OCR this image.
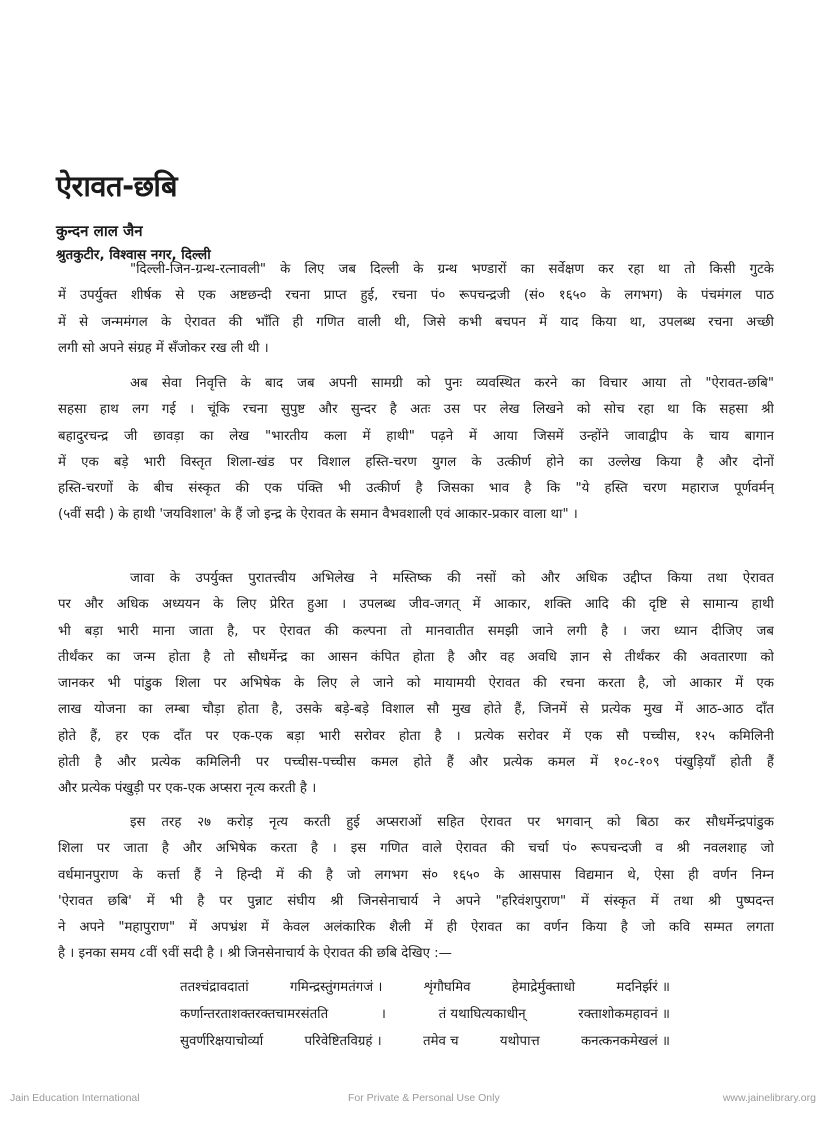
ऐरावत-छबि
कुन्दन लाल जैन
श्रुतकुटीर, विश्वास नगर, दिल्ली
"दिल्ली-जिन-ग्रन्थ-रत्नावली" के लिए जब दिल्ली के ग्रन्थ भण्डारों का सर्वेक्षण कर रहा था तो किसी गुटके
में उपर्युक्त शीर्षक से एक अष्टछन्दी रचना प्राप्त हुई, रचना पं० रूपचन्द्रजी (सं० १६५० के लगभग) के पंचमंगल पाठ
में से जन्ममंगल के ऐरावत की भाँति ही गणित वाली थी, जिसे कभी बचपन में याद किया था, उपलब्ध रचना अच्छी
लगी सो अपने संग्रह में सँजोकर रख ली थी ।
अब सेवा निवृत्ति के बाद जब अपनी सामग्री को पुनः व्यवस्थित करने का विचार आया तो "ऐरावत-छबि"
सहसा हाथ लग गई । चूंकि रचना सुपुष्ट और सुन्दर है अतः उस पर लेख लिखने को सोच रहा था कि सहसा श्री
बहादुरचन्द्र जी छावड़ा का लेख "भारतीय कला में हाथी" पढ़ने में आया जिसमें उन्होंने जावाद्वीप के चाय बागान
में एक बड़े भारी विस्तृत शिला-खंड पर विशाल हस्ति-चरण युगल के उत्कीर्ण होने का उल्लेख किया है और दोनों
हस्ति-चरणों के बीच संस्कृत की एक पंक्ति भी उत्कीर्ण है जिसका भाव है कि "ये हस्ति चरण महाराज पूर्णवर्मन्
(५वीं सदी ) के हाथी 'जयविशाल' के हैं जो इन्द्र के ऐरावत के समान वैभवशाली एवं आकार-प्रकार वाला था" ।
जावा के उपर्युक्त पुरातत्त्वीय अभिलेख ने मस्तिष्क की नसों को और अधिक उद्दीप्त किया तथा ऐरावत
पर और अधिक अध्ययन के लिए प्रेरित हुआ । उपलब्ध जीव-जगत् में आकार, शक्ति आदि की दृष्टि से सामान्य हाथी
भी बड़ा भारी माना जाता है, पर ऐरावत की कल्पना तो मानवातीत समझी जाने लगी है । जरा ध्यान दीजिए जब
तीर्थंकर का जन्म होता है तो सौधर्मेन्द्र का आसन कंपित होता है और वह अवधि ज्ञान से तीर्थंकर की अवतारणा को
जानकर भी पांडुक शिला पर अभिषेक के लिए ले जाने को मायामयी ऐरावत की रचना करता है, जो आकार में एक
लाख योजना का लम्बा चौड़ा होता है, उसके बड़े-बड़े विशाल सौ मुख होते हैं, जिनमें से प्रत्येक मुख में आठ-आठ दाँत
होते हैं, हर एक दाँत पर एक-एक बड़ा भारी सरोवर होता है । प्रत्येक सरोवर में एक सौ पच्चीस, १२५ कमिलिनी
होती है और प्रत्येक कमिलिनी पर पच्चीस-पच्चीस कमल होते हैं और प्रत्येक कमल में १०८-१०९ पंखुड़ियाँ होती हैं
और प्रत्येक पंखुड़ी पर एक-एक अप्सरा नृत्य करती है ।
इस तरह २७ करोड़ नृत्य करती हुई अप्सराओं सहित ऐरावत पर भगवान् को बिठा कर सौधर्मेन्द्रपांडुक
शिला पर जाता है और अभिषेक करता है । इस गणित वाले ऐरावत की चर्चा पं० रूपचन्दजी व श्री नवलशाह जो
वर्धमानपुराण के कर्त्ता हैं ने हिन्दी में की है जो लगभग सं० १६५० के आसपास विद्यमान थे, ऐसा ही वर्णन निम्न
'ऐरावत छबि' में भी है पर पुन्नाट संघीय श्री जिनसेनाचार्य ने अपने "हरिवंशपुराण" में संस्कृत में तथा श्री पुष्पदन्त
ने अपने "महापुराण" में अपभ्रंश में केवल अलंकारिक शैली में ही ऐरावत का वर्णन किया है जो कवि सम्मत लगता
है । इनका समय ८वीं ९वीं सदी है । श्री जिनसेनाचार्य के ऐरावत की छबि देखिए :—
ततश्चंद्रावदातां	गमिन्द्रस्तुंगमतंगजं ।	शृंगौघमिव	हेमाद्रेर्मुक्ताधो	मदनिर्झरं ॥
कर्णान्तरताशक्तरक्तचामरसंतति	।	तं यथाघित्यकाधीन्	रक्ताशोकमहावनं ॥
सुवर्णरिक्षयाचोर्व्या	परिवेष्टितविग्रहं ।	तमेव च	यथोपात्त	कनत्कनकमेखलं ॥
Jain Education International	For Private & Personal Use Only	www.jainelibrary.org
